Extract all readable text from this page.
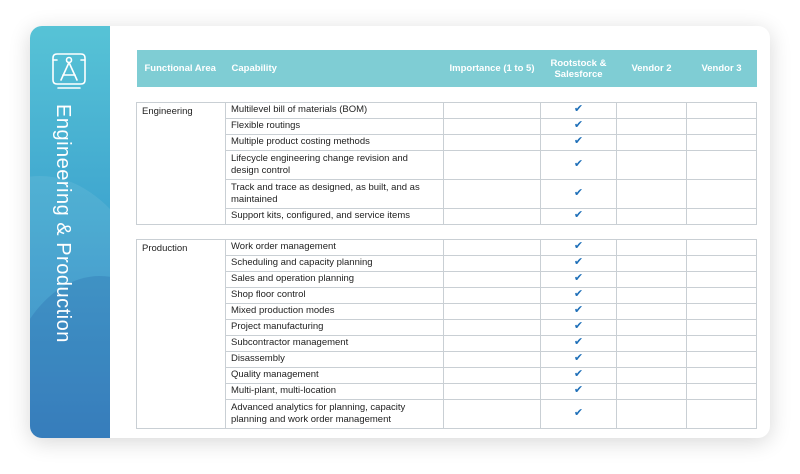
Engineering & Production
Functional Area	Capability	Importance (1 to 5)	Rootstock & Salesforce	Vendor 2	Vendor 3

Engineering	Multilevel bill of materials (BOM)		✔		
	Flexible routings		✔		
	Multiple product costing methods		✔		
	Lifecycle engineering change revision and design control		✔		
	Track and trace as designed, as built, and as maintained		✔		
	Support kits, configured, and service items		✔		

Production	Work order management		✔		
	Scheduling and capacity planning		✔		
	Sales and operation planning		✔		
	Shop floor control		✔		
	Mixed production modes		✔		
	Project manufacturing		✔		
	Subcontractor management		✔		
	Disassembly		✔		
	Quality management		✔		
	Multi-plant, multi-location		✔		
	Advanced analytics for planning, capacity planning and work order management		✔		
